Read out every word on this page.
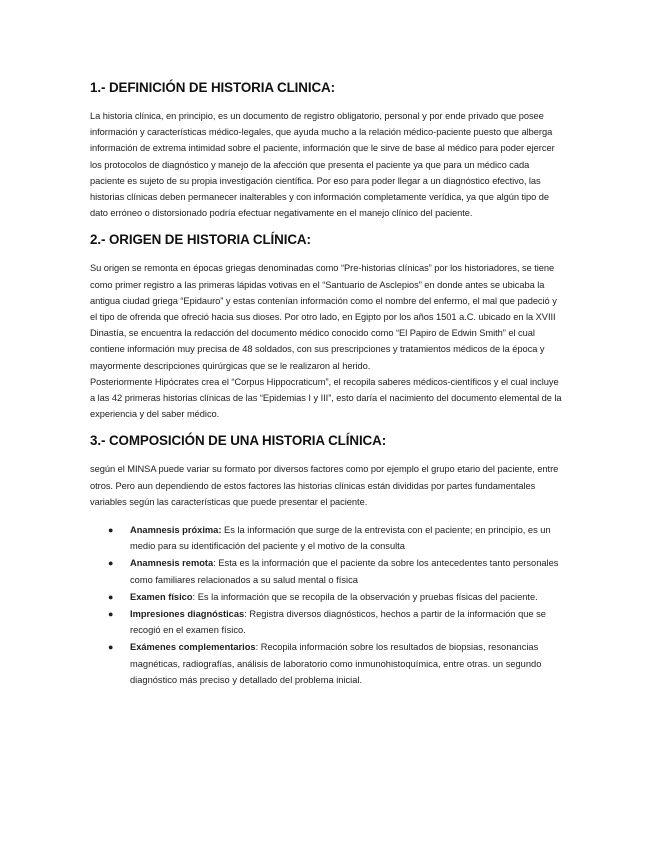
1.- DEFINICIÓN DE HISTORIA CLINICA:

La historia clínica, en principio, es un documento de registro obligatorio, personal y por ende privado que posee información y características médico-legales, que ayuda mucho a la relación médico-paciente puesto que alberga información de extrema intimidad sobre el paciente, información que le sirve de base al médico para poder ejercer los protocolos de diagnóstico y manejo de la afección que presenta el paciente ya que para un médico cada paciente es sujeto de su propia investigación científica. Por eso para poder llegar a un diagnóstico efectivo, las historias clínicas deben permanecer inalterables y con información completamente verídica, ya que algún tipo de dato erróneo o distorsionado podría efectuar negativamente en el manejo clínico del paciente.

2.- ORIGEN DE HISTORIA CLÍNICA:

Su origen se remonta en épocas griegas denominadas como “Pre-historias clínicas” por los historiadores, se tiene como primer registro a las primeras lápidas votivas en el “Santuario de Asclepios” en donde antes se ubicaba la antigua ciudad griega “Epidauro” y estas contenían información como el nombre del enfermo, el mal que padeció y el tipo de ofrenda que ofreció hacia sus dioses. Por otro lado, en Egipto por los años 1501 a.C. ubicado en la XVIII Dinastía, se encuentra la redacción del documento médico conocido como “El Papiro de Edwin Smith” el cual contiene información muy precisa de 48 soldados, con sus prescripciones y tratamientos médicos de la época y mayormente descripciones quirúrgicas que se le realizaron al herido.

Posteriormente Hipócrates crea el “Corpus Hippocraticum”, el recopila saberes médicos-científicos y el cual incluye a las 42 primeras historias clínicas de las “Epidemias I y III”, esto daría el nacimiento del documento elemental de la experiencia y del saber médico.

3.- COMPOSICIÓN DE UNA HISTORIA CLÍNICA:

según el MINSA puede variar su formato por diversos factores como por ejemplo el grupo etario del paciente, entre otros. Pero aun dependiendo de estos factores las historias clínicas están divididas por partes fundamentales variables según las características que puede presentar el paciente.

● Anamnesis próxima: Es la información que surge de la entrevista con el paciente; en principio, es un medio para su identificación del paciente y el motivo de la consulta
● Anamnesis remota: Esta es la información que el paciente da sobre los antecedentes tanto personales como familiares relacionados a su salud mental o física
● Examen físico: Es la información que se recopila de la observación y pruebas físicas del paciente.
● Impresiones diagnósticas: Registra diversos diagnósticos, hechos a partir de la información que se recogió en el examen físico.
● Exámenes complementarios: Recopila información sobre los resultados de biopsias, resonancias magnéticas, radiografías, análisis de laboratorio como inmunohistoquímica, entre otras. un segundo diagnóstico más preciso y detallado del problema inicial.
